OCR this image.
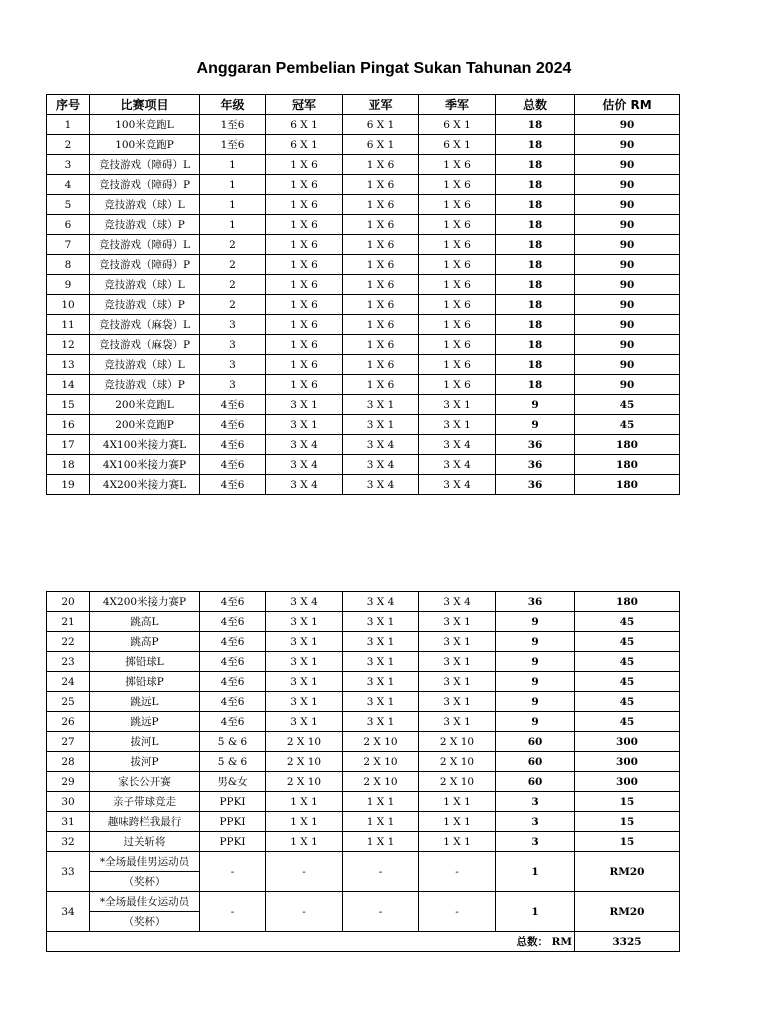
Anggaran Pembelian Pingat Sukan Tahunan 2024
序号	比赛项目	年级	冠军	亚军	季军	总数	估价 RM
1	100米竞跑L	1至6	6 X 1	6 X 1	6 X 1	18	90
2	100米竞跑P	1至6	6 X 1	6 X 1	6 X 1	18	90
3	竞技游戏（障碍）L	1	1 X 6	1 X 6	1 X 6	18	90
4	竞技游戏（障碍）P	1	1 X 6	1 X 6	1 X 6	18	90
5	竞技游戏（球）L	1	1 X 6	1 X 6	1 X 6	18	90
6	竞技游戏（球）P	1	1 X 6	1 X 6	1 X 6	18	90
7	竞技游戏（障碍）L	2	1 X 6	1 X 6	1 X 6	18	90
8	竞技游戏（障碍）P	2	1 X 6	1 X 6	1 X 6	18	90
9	竞技游戏（球）L	2	1 X 6	1 X 6	1 X 6	18	90
10	竞技游戏（球）P	2	1 X 6	1 X 6	1 X 6	18	90
11	竞技游戏（麻袋）L	3	1 X 6	1 X 6	1 X 6	18	90
12	竞技游戏（麻袋）P	3	1 X 6	1 X 6	1 X 6	18	90
13	竞技游戏（球）L	3	1 X 6	1 X 6	1 X 6	18	90
14	竞技游戏（球）P	3	1 X 6	1 X 6	1 X 6	18	90
15	200米竞跑L	4至6	3 X 1	3 X 1	3 X 1	9	45
16	200米竞跑P	4至6	3 X 1	3 X 1	3 X 1	9	45
17	4X100米接力赛L	4至6	3 X 4	3 X 4	3 X 4	36	180
18	4X100米接力赛P	4至6	3 X 4	3 X 4	3 X 4	36	180
19	4X200米接力赛L	4至6	3 X 4	3 X 4	3 X 4	36	180
20	4X200米接力赛P	4至6	3 X 4	3 X 4	3 X 4	36	180
21	跳高L	4至6	3 X 1	3 X 1	3 X 1	9	45
22	跳高P	4至6	3 X 1	3 X 1	3 X 1	9	45
23	掷铅球L	4至6	3 X 1	3 X 1	3 X 1	9	45
24	掷铅球P	4至6	3 X 1	3 X 1	3 X 1	9	45
25	跳远L	4至6	3 X 1	3 X 1	3 X 1	9	45
26	跳远P	4至6	3 X 1	3 X 1	3 X 1	9	45
27	拔河L	5 & 6	2 X 10	2 X 10	2 X 10	60	300
28	拔河P	5 & 6	2 X 10	2 X 10	2 X 10	60	300
29	家长公开赛	男&女	2 X 10	2 X 10	2 X 10	60	300
30	亲子带球竞走	PPKI	1 X 1	1 X 1	1 X 1	3	15
31	趣味跨栏我最行	PPKI	1 X 1	1 X 1	1 X 1	3	15
32	过关斩将	PPKI	1 X 1	1 X 1	1 X 1	3	15
33	*全场最佳男运动员	-	-	-	-	1	RM20
	（奖杯）						
34	*全场最佳女运动员	-	-	-	-	1	RM20
	（奖杯）						
总数： RM							3325
